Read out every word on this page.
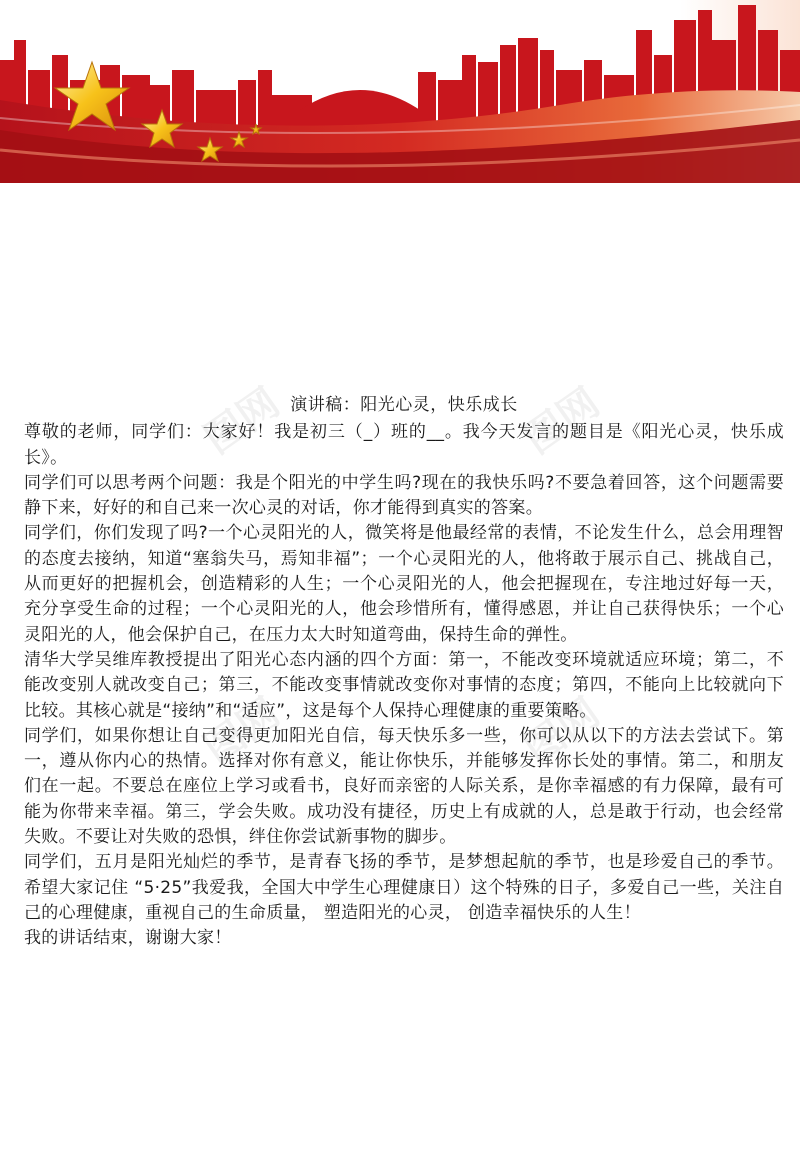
图网	图网
图网	图网
演讲稿：阳光心灵，快乐成长

尊敬的老师，同学们：大家好！我是初三（_）班的__。我今天发言的题目是《阳光心灵，快乐成长》。

同学们可以思考两个问题：我是个阳光的中学生吗?现在的我快乐吗?不要急着回答，这个问题需要静下来，好好的和自己来一次心灵的对话，你才能得到真实的答案。

同学们，你们发现了吗?一个心灵阳光的人，微笑将是他最经常的表情，不论发生什么，总会用理智的态度去接纳，知道“塞翁失马，焉知非福”；一个心灵阳光的人，他将敢于展示自己、挑战自己，从而更好的把握机会，创造精彩的人生；一个心灵阳光的人，他会把握现在，专注地过好每一天，充分享受生命的过程；一个心灵阳光的人，他会珍惜所有，懂得感恩，并让自己获得快乐；一个心灵阳光的人，他会保护自己，在压力太大时知道弯曲，保持生命的弹性。

清华大学吴维库教授提出了阳光心态内涵的四个方面：第一，不能改变环境就适应环境；第二，不能改变别人就改变自己；第三，不能改变事情就改变你对事情的态度；第四，不能向上比较就向下比较。其核心就是“接纳”和“适应”，这是每个人保持心理健康的重要策略。

同学们，如果你想让自己变得更加阳光自信，每天快乐多一些，你可以从以下的方法去尝试下。第一，遵从你内心的热情。选择对你有意义，能让你快乐，并能够发挥你长处的事情。第二，和朋友们在一起。不要总在座位上学习或看书，良好而亲密的人际关系，是你幸福感的有力保障，最有可能为你带来幸福。第三，学会失败。成功没有捷径，历史上有成就的人，总是敢于行动，也会经常失败。不要让对失败的恐惧，绊住你尝试新事物的脚步。

同学们，五月是阳光灿烂的季节，是青春飞扬的季节，是梦想起航的季节，也是珍爱自己的季节。希望大家记住 “5·25”我爱我，全国大中学生心理健康日）这个特殊的日子，多爱自己一些，关注自己的心理健康，重视自己的生命质量， 塑造阳光的心灵， 创造幸福快乐的人生！

我的讲话结束，谢谢大家！
